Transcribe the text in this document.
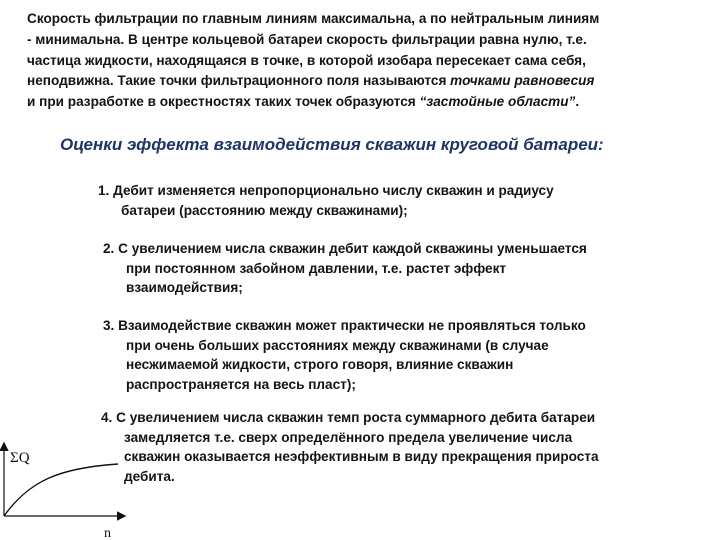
Скорость фильтрации по главным линиям максимальна, а по нейтральным линиям
- минимальна. В центре кольцевой батареи скорость фильтрации равна нулю, т.е.
частица жидкости, находящаяся в точке, в которой изобара пересекает сама себя,
неподвижна. Такие точки фильтрационного поля называются точками равновесия
и при разработке в окрестностях таких точек образуются “застойные области”.
Оценки эффекта взаимодействия скважин круговой батареи:
1. Дебит изменяется непропорционально числу скважин и радиусу
батареи (расстоянию между скважинами);
2. С увеличением числа скважин дебит каждой скважины уменьшается
при постоянном забойном давлении, т.е. растет эффект
взаимодействия;
3. Взаимодействие скважин может практически не проявляться только
при очень больших расстояниях между скважинами (в случае
несжимаемой жидкости, строго говоря, влияние скважин
распространяется на весь пласт);
4. С увеличением числа скважин темп роста суммарного дебита батареи
замедляется т.е. сверх определённого предела увеличение числа
скважин оказывается неэффективным в виду прекращения прироста
дебита.
ΣQ
n
